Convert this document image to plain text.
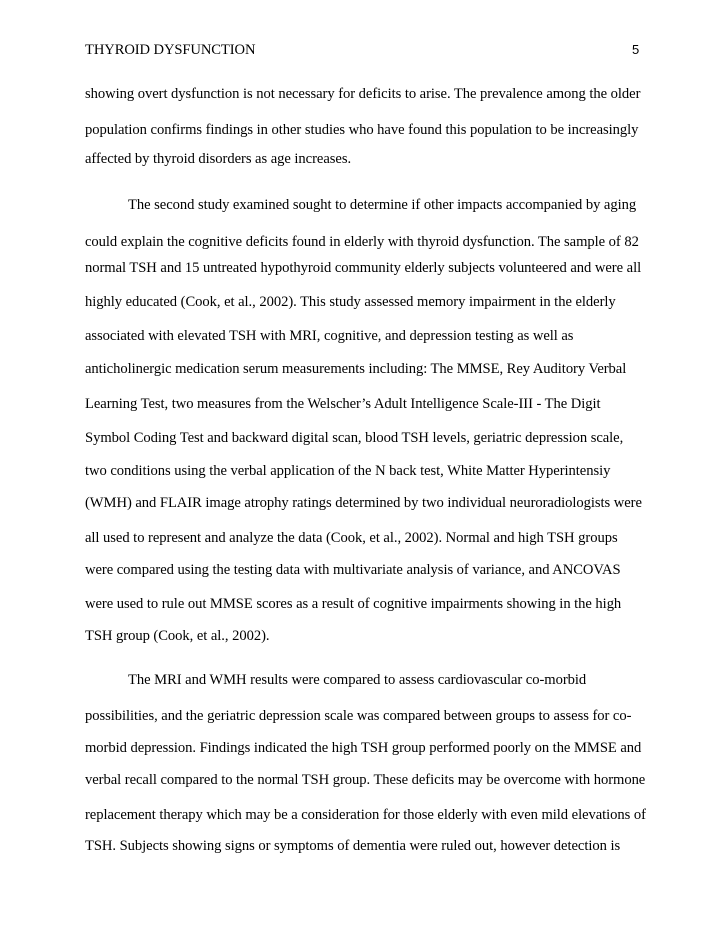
THYROID DYSFUNCTION	5
showing overt dysfunction is not necessary for deficits to arise. The prevalence among the older
population confirms findings in other studies who have found this population to be increasingly
affected by thyroid disorders as age increases.
The second study examined sought to determine if other impacts accompanied by aging
could explain the cognitive deficits found in elderly with thyroid dysfunction. The sample of 82
normal TSH and 15 untreated hypothyroid community elderly subjects volunteered and were all
highly educated (Cook, et al., 2002). This study assessed memory impairment in the elderly
associated with elevated TSH with MRI, cognitive, and depression testing as well as
anticholinergic medication serum measurements including: The MMSE, Rey Auditory Verbal
Learning Test, two measures from the Welscher’s Adult Intelligence Scale-III - The Digit
Symbol Coding Test and backward digital scan, blood TSH levels, geriatric depression scale,
two conditions using the verbal application of the N back test, White Matter Hyperintensiy
(WMH) and FLAIR image atrophy ratings determined by two individual neuroradiologists were
all used to represent and analyze the data (Cook, et al., 2002). Normal and high TSH groups
were compared using the testing data with multivariate analysis of variance, and ANCOVAS
were used to rule out MMSE scores as a result of cognitive impairments showing in the high
TSH group (Cook, et al., 2002).
The MRI and WMH results were compared to assess cardiovascular co-morbid
possibilities, and the geriatric depression scale was compared between groups to assess for co-
morbid depression. Findings indicated the high TSH group performed poorly on the MMSE and
verbal recall compared to the normal TSH group. These deficits may be overcome with hormone
replacement therapy which may be a consideration for those elderly with even mild elevations of
TSH. Subjects showing signs or symptoms of dementia were ruled out, however detection is
